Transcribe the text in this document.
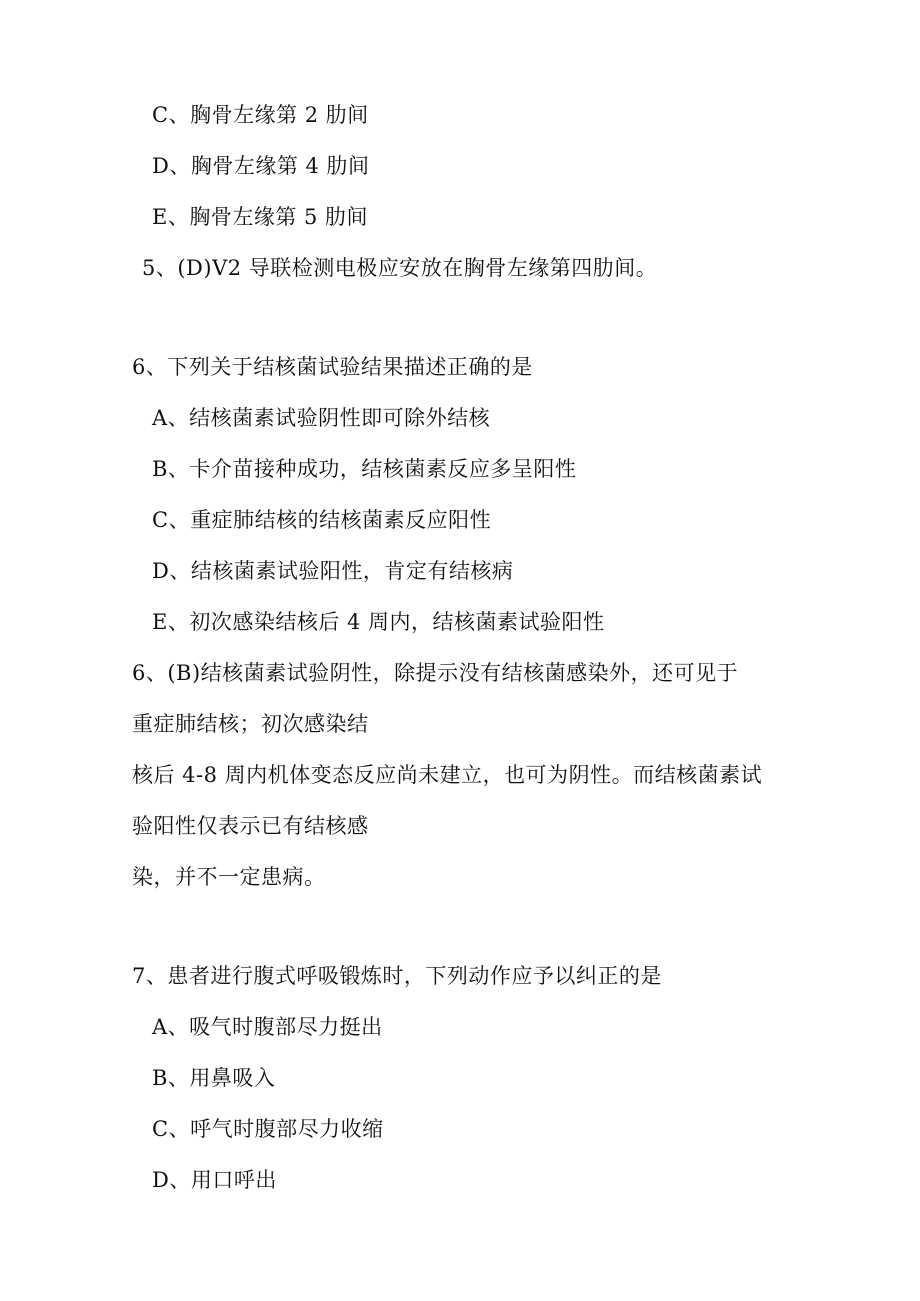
C、胸骨左缘第 2 肋间
D、胸骨左缘第 4 肋间
E、胸骨左缘第 5 肋间
5、(D)V2 导联检测电极应安放在胸骨左缘第四肋间。
6、下列关于结核菌试验结果描述正确的是
A、结核菌素试验阴性即可除外结核
B、卡介苗接种成功，结核菌素反应多呈阳性
C、重症肺结核的结核菌素反应阳性
D、结核菌素试验阳性，肯定有结核病
E、初次感染结核后 4 周内，结核菌素试验阳性
6、(B)结核菌素试验阴性，除提示没有结核菌感染外，还可见于
重症肺结核；初次感染结
核后 4-8 周内机体变态反应尚未建立，也可为阴性。而结核菌素试
验阳性仅表示已有结核感
染，并不一定患病。
7、患者进行腹式呼吸锻炼时，下列动作应予以纠正的是
A、吸气时腹部尽力挺出
B、用鼻吸入
C、呼气时腹部尽力收缩
D、用口呼出
